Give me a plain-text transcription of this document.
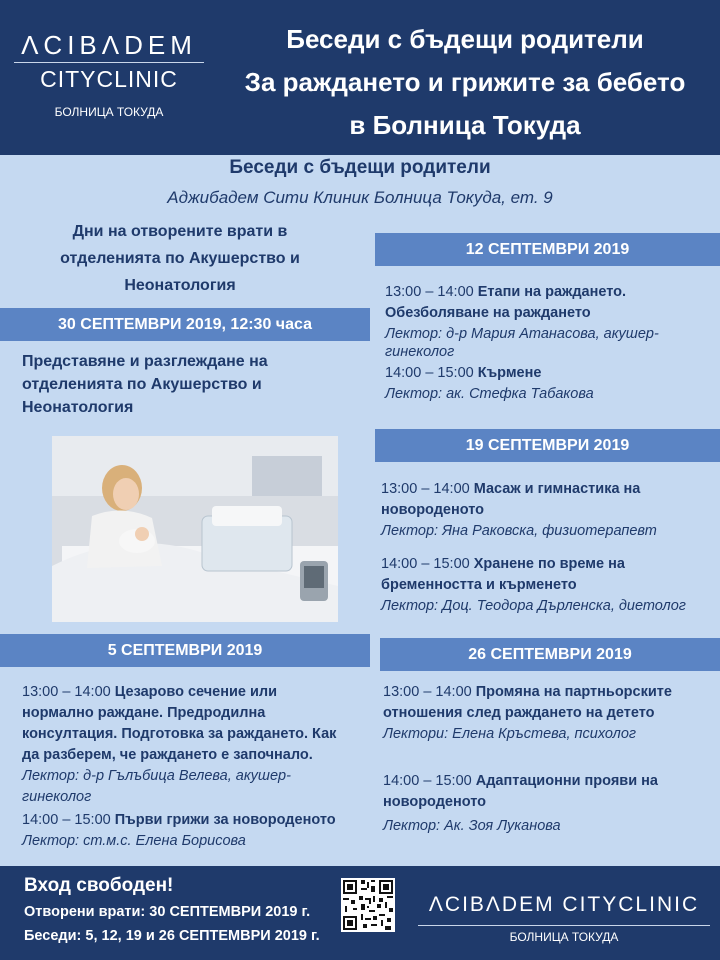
ΛCIBΛDEM
CITYCLINIC
БОЛНИЦА ТОКУДА
Беседи с бъдещи родители
За раждането и грижите за бебето
в Болница Токуда
Беседи с бъдещи родители
Аджибадем Сити Клиник Болница Токуда, ет. 9
Дни на отворените врати в
отделенията по Акушерство и
Неонатология
30 СЕПТЕМВРИ 2019, 12:30 часа
Представяне и разглеждане на
отделенията по Акушерство и
Неонатология
5 СЕПТЕМВРИ 2019
13:00 – 14:00 Цезарово сечение или
нормално раждане. Предродилна
консултация. Подготовка за раждането. Как
да разберем, че раждането е започнало.
Лектор: д-р Гълъбица Велева, акушер-
гинеколог
14:00 – 15:00 Първи грижи за новороденото
Лектор: ст.м.с. Елена Борисова
12 СЕПТЕМВРИ 2019
13:00 – 14:00 Етапи на раждането.
Обезболяване на раждането
Лектор: д-р Мария Атанасова, акушер-
гинеколог
14:00 – 15:00 Кърмене
Лектор: ак. Стефка Табакова
19 СЕПТЕМВРИ 2019
13:00 – 14:00 Масаж и гимнастика на
новороденото
Лектор: Яна Раковска, физиотерапевт
14:00 – 15:00 Хранене по време на
бременността и кърменето
Лектор: Доц. Теодора Дърленска, диетолог
26 СЕПТЕМВРИ 2019
13:00 – 14:00 Промяна на партньорските
отношения след раждането на детето
Лектори: Елена Кръстева, психолог
14:00 – 15:00 Адаптационни прояви на
новороденото
Лектор: Ак. Зоя Луканова
Вход свободен!
Отворени врати: 30 СЕПТЕМВРИ 2019 г.
Беседи: 5, 12, 19 и 26 СЕПТЕМВРИ 2019 г.
ΛCIBΛDEM CITYCLINIC
БОЛНИЦА ТОКУДА
